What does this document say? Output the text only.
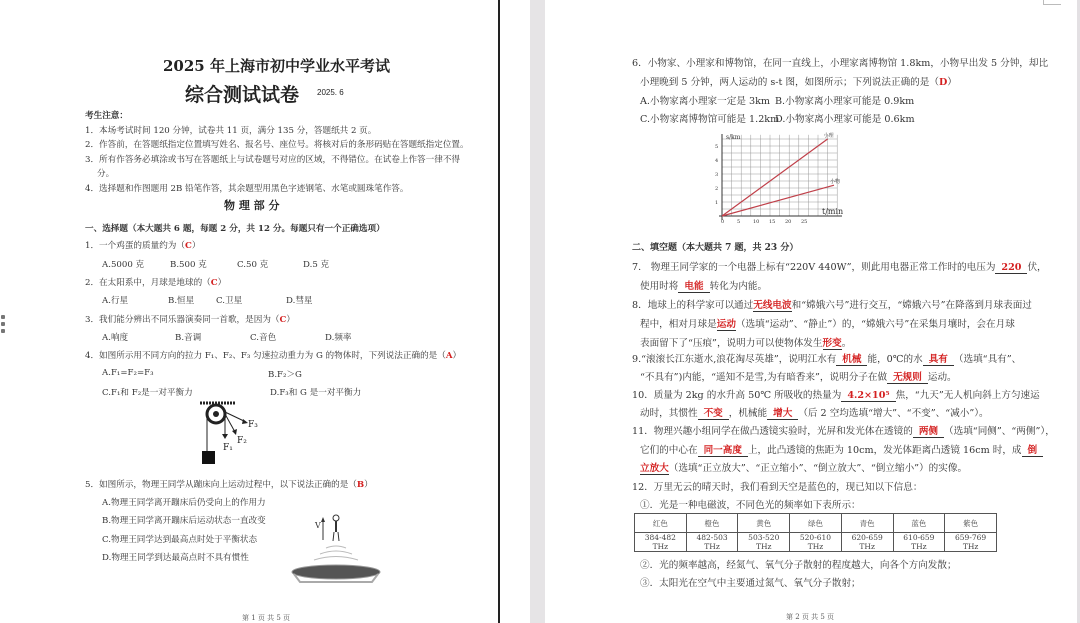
2025 年上海市初中学业水平考试
综合测试试卷 2025. 6
考生注意：
1．本场考试时间 120 分钟，试卷共 11 页，满分 135 分，答题纸共 2 页。
2．作答前，在答题纸指定位置填写姓名、报名号、座位号。将核对后的条形码贴在答题纸指定位置。
3．所有作答务必填涂或书写在答题纸上与试卷题号对应的区域，不得错位。在试卷上作答一律不得
分。
4．选择题和作图题用 2B 铅笔作答，其余题型用黑色字迹钢笔、水笔或圆珠笔作答。
物 理 部 分
一、选择题（本大题共 6 题，每题 2 分，共 12 分。每题只有一个正确选项）
1．一个鸡蛋的质量约为（C）
A.5000 克	B.500 克	C.50 克	D.5 克
2．在太阳系中，月球是地球的（C）
A.行星	B.恒星	C.卫星	D.彗星
3．我们能分辨出不同乐器演奏同一首歌，是因为（C）
A.响度	B.音调	C.音色	D.频率
4．如图所示用不同方向的拉力 F₁、F₂、F₃ 匀速拉动重力为 G 的物体时，下列说法正确的是（A）
A.F₁=F₂=F₃	B.F₂＞G
C.F₁和 F₂是一对平衡力	D.F₃和 G 是一对平衡力
F₁
F₂
F₃
5．如图所示，物理王同学从蹦床向上运动过程中，以下说法正确的是（B）
A.物理王同学离开蹦床后仍受向上的作用力
B.物理王同学离开蹦床后运动状态一直改变
C.物理王同学达到最高点时处于平衡状态
D.物理王同学到达最高点时不具有惯性
V
第 1 页 共 5 页
6．小物家、小理家和博物馆，在同一直线上，小理家离博物馆 1.8km，小物早出发 5 分钟，却比
小理晚到 5 分钟，两人运动的 s-t 图，如图所示；下列说法正确的是（D）
A.小物家离小理家一定是 3km B.小物家离小理家可能是 0.9km
C.小物家离博物馆可能是 1.2km
D.小物家离小理家可能是 0.6km
1
2
3
4
5
0	5	10 15 20 25
s/km
t/min
小理
小物
二、填空题（本大题共 7 题，共 23 分）
7.　物理王同学家的一个电器上标有“220V 440W”，则此用电器正常工作时的电压为 220 伏，
使用时将 电能 转化为内能。
8．地球上的科学家可以通过无线电波和“嫦娥六号”进行交互，“嫦娥六号”在降落到月球表面过
程中，相对月球是运动（选填“运动”、“静止”）的，“嫦娥六号”在采集月壤时，会在月球
表面留下了“压痕”，说明力可以使物体发生形变。
9.“滚滚长江东逝水,浪花淘尽英雄”，说明江水有 机械 能，0℃的水 具有 （选填“具有”、
“不具有”)内能，“遥知不是雪,为有暗香来”，说明分子在做 无规则 运动。
10．质量为 2kg 的水升高 50℃ 所吸收的热量为 4.2×10⁵ 焦，“九天”无人机向斜上方匀速运
动时，其惯性 不变 ，机械能 增大 （后 2 空均选填“增大”、“不变”、“减小”）。
11．物理兴趣小组同学在做凸透镜实验时，光屏和发光体在透镜的 两侧 （选填“同侧”、“两侧”），
它们的中心在 同一高度 上，此凸透镜的焦距为 10cm，发光体距离凸透镜 16cm 时，成 倒
立放大（选填“正立放大”、“正立缩小”、“倒立放大”、“倒立缩小”）的实像。
12．万里无云的晴天时，我们看到天空是蓝色的，现已知以下信息：
①．光是一种电磁波，不同色光的频率如下表所示：
红色	橙色	黄色	绿色	青色	蓝色	紫色
384-482 THz	482-503 THz	503-520 THz	520-610 THz	620-659 THz	610-659 THz	659-769 THz
②．光的频率越高，经氮气、氧气分子散射的程度越大，向各个方向发散；
③．太阳光在空气中主要通过氮气、氧气分子散射；
第 2 页 共 5 页
